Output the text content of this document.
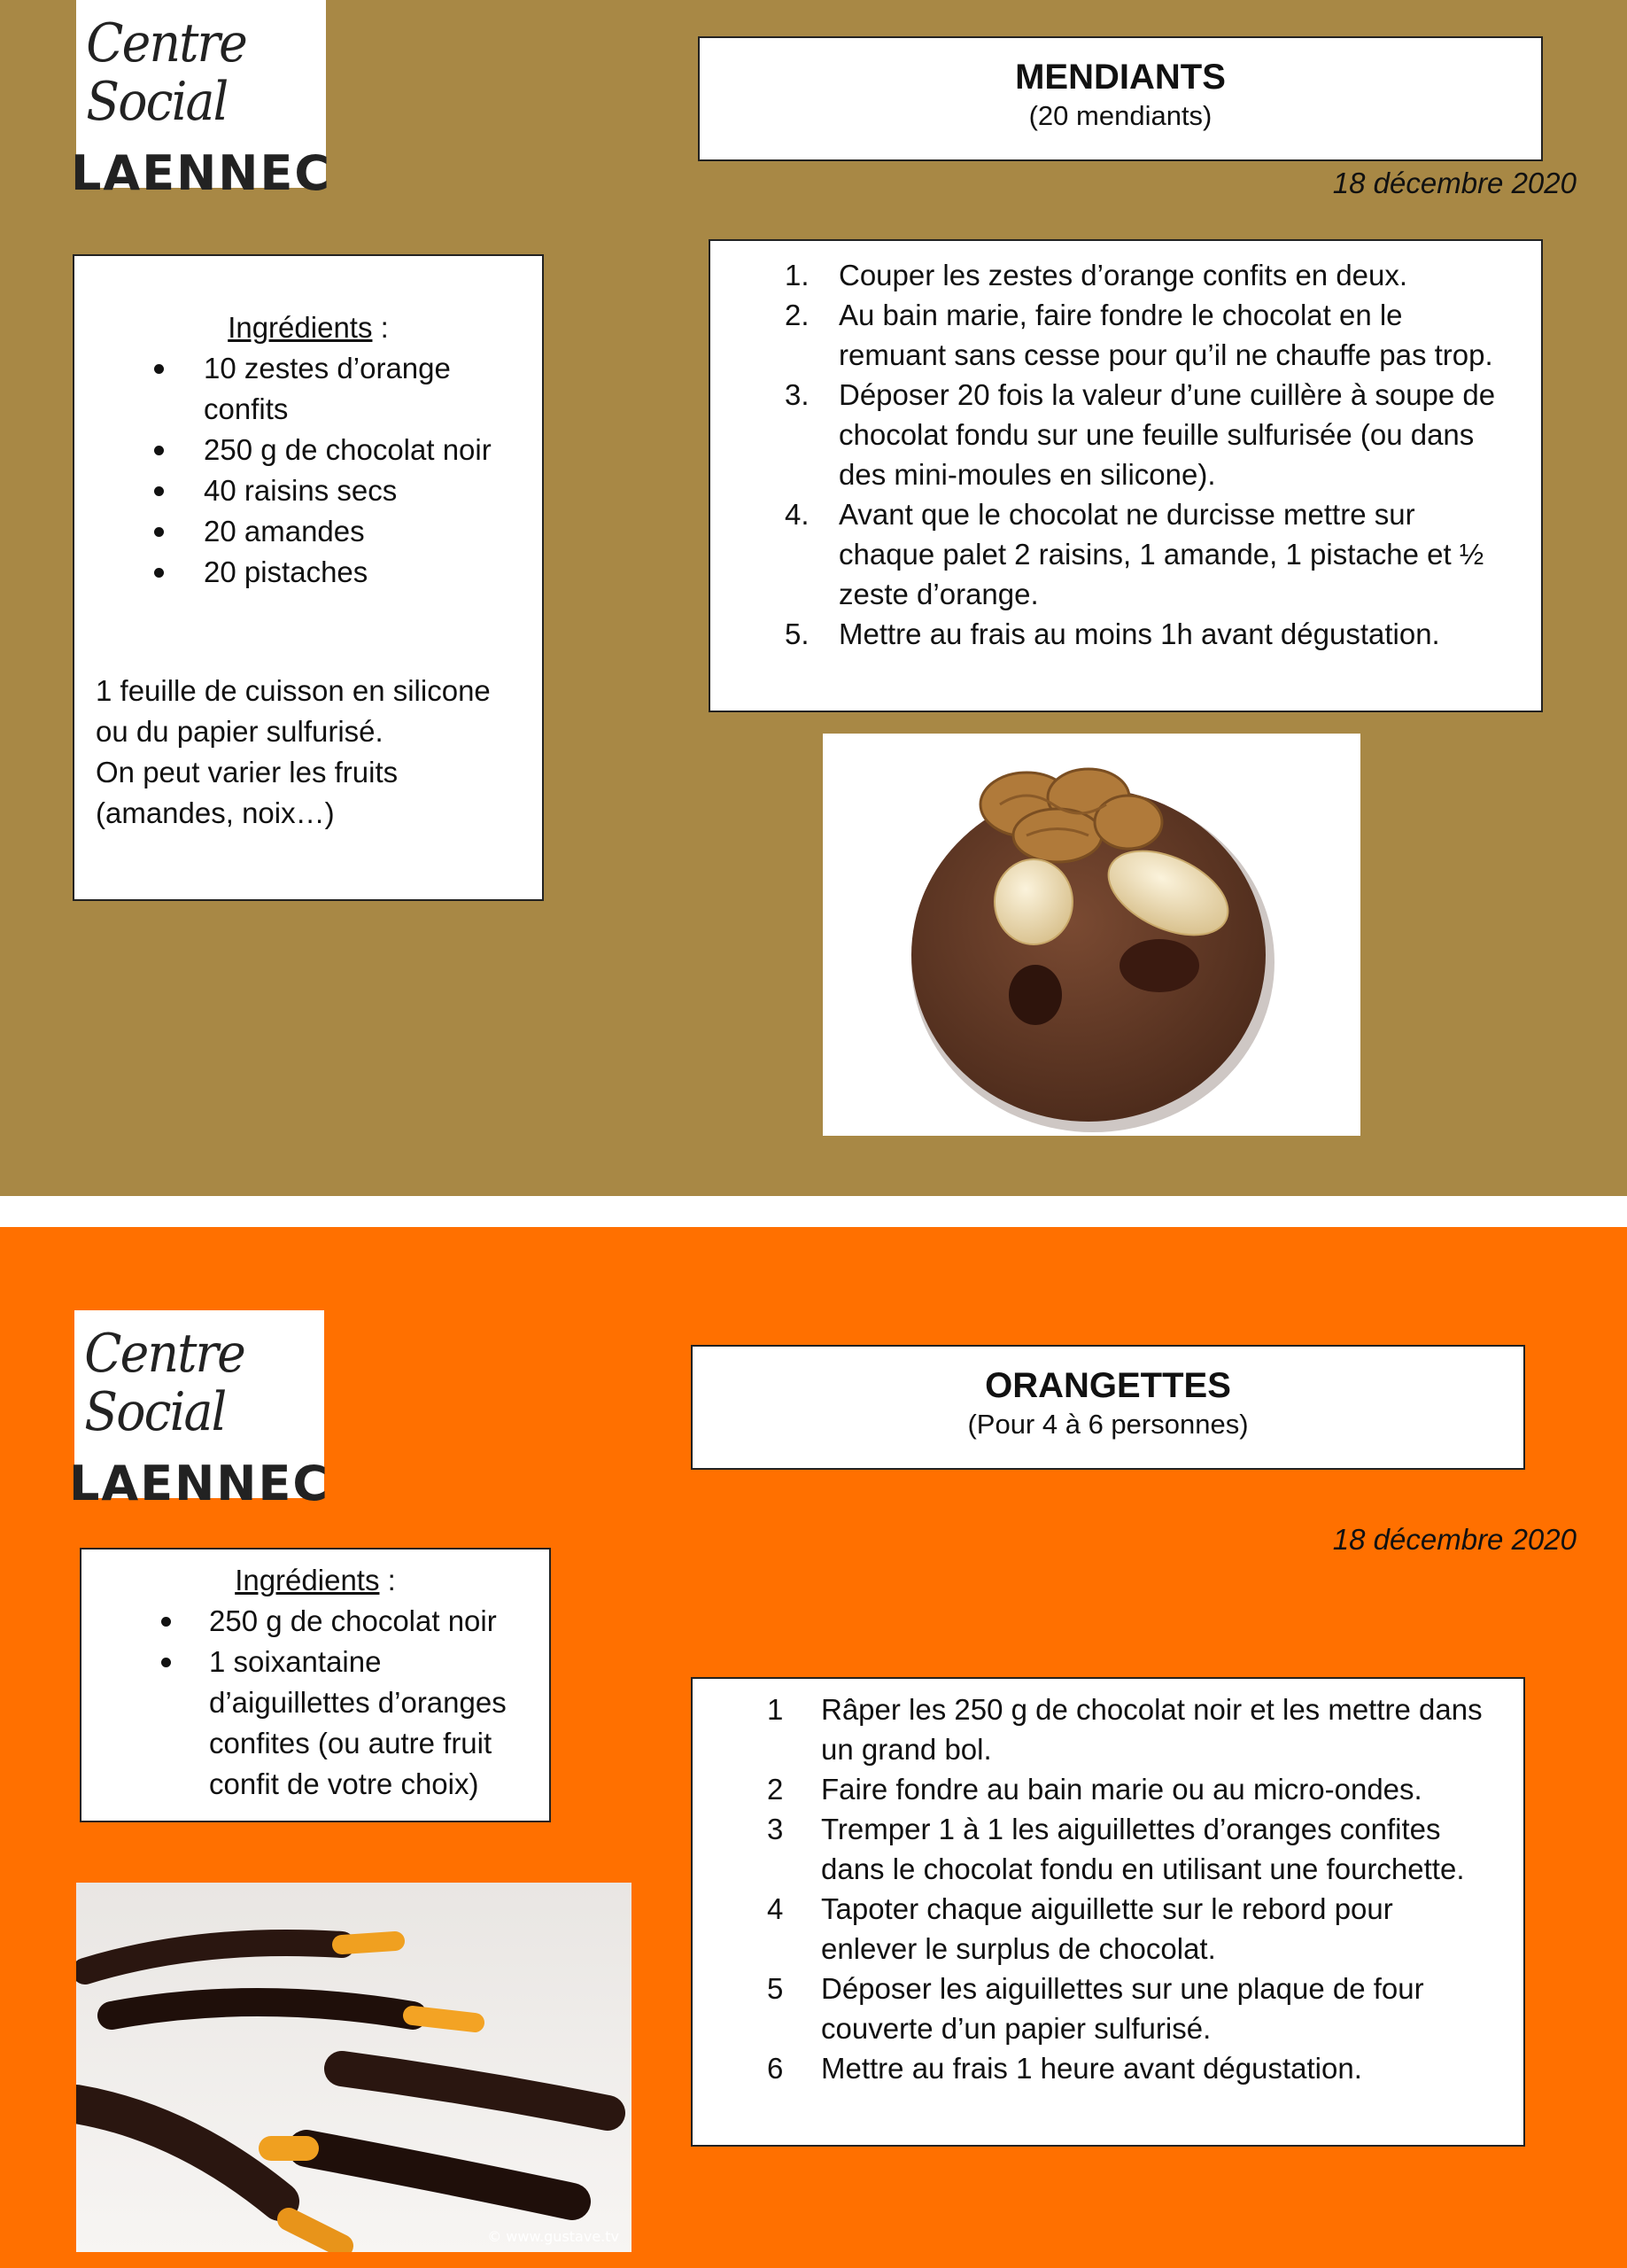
Centre Social
LAENNEC
MENDIANTS
(20 mendiants)
18 décembre 2020
Ingrédients :
10 zestes d’orange confits
250 g de chocolat noir
40 raisins secs
20 amandes
20 pistaches
1 feuille de cuisson en silicone
ou du papier sulfurisé.
On peut varier les fruits
(amandes, noix…)
1. Couper les zestes d’orange confits en deux.
2. Au bain marie, faire fondre le chocolat en le remuant sans cesse pour qu’il ne chauffe pas trop.
3. Déposer 20 fois la valeur d’une cuillère à soupe de chocolat fondu sur une feuille sulfurisée (ou dans des mini-moules en silicone).
4. Avant que le chocolat ne durcisse mettre sur chaque palet 2 raisins, 1 amande, 1 pistache et ½ zeste d’orange.
5. Mettre au frais au moins 1h avant dégustation.
Centre Social
LAENNEC
ORANGETTES
(Pour 4 à 6 personnes)
18 décembre 2020
Ingrédients :
250 g de chocolat noir
1 soixantaine d’aiguillettes d’oranges confites (ou autre fruit confit de votre choix)
© www.gustave.tv
1 Râper les 250 g de chocolat noir et les mettre dans un grand bol.
2 Faire fondre au bain marie ou au micro-ondes.
3 Tremper 1 à 1 les aiguillettes d’oranges confites dans le chocolat fondu en utilisant une fourchette.
4 Tapoter chaque aiguillette sur le rebord pour enlever le surplus de chocolat.
5 Déposer les aiguillettes sur une plaque de four couverte d’un papier sulfurisé.
6 Mettre au frais 1 heure avant dégustation.
